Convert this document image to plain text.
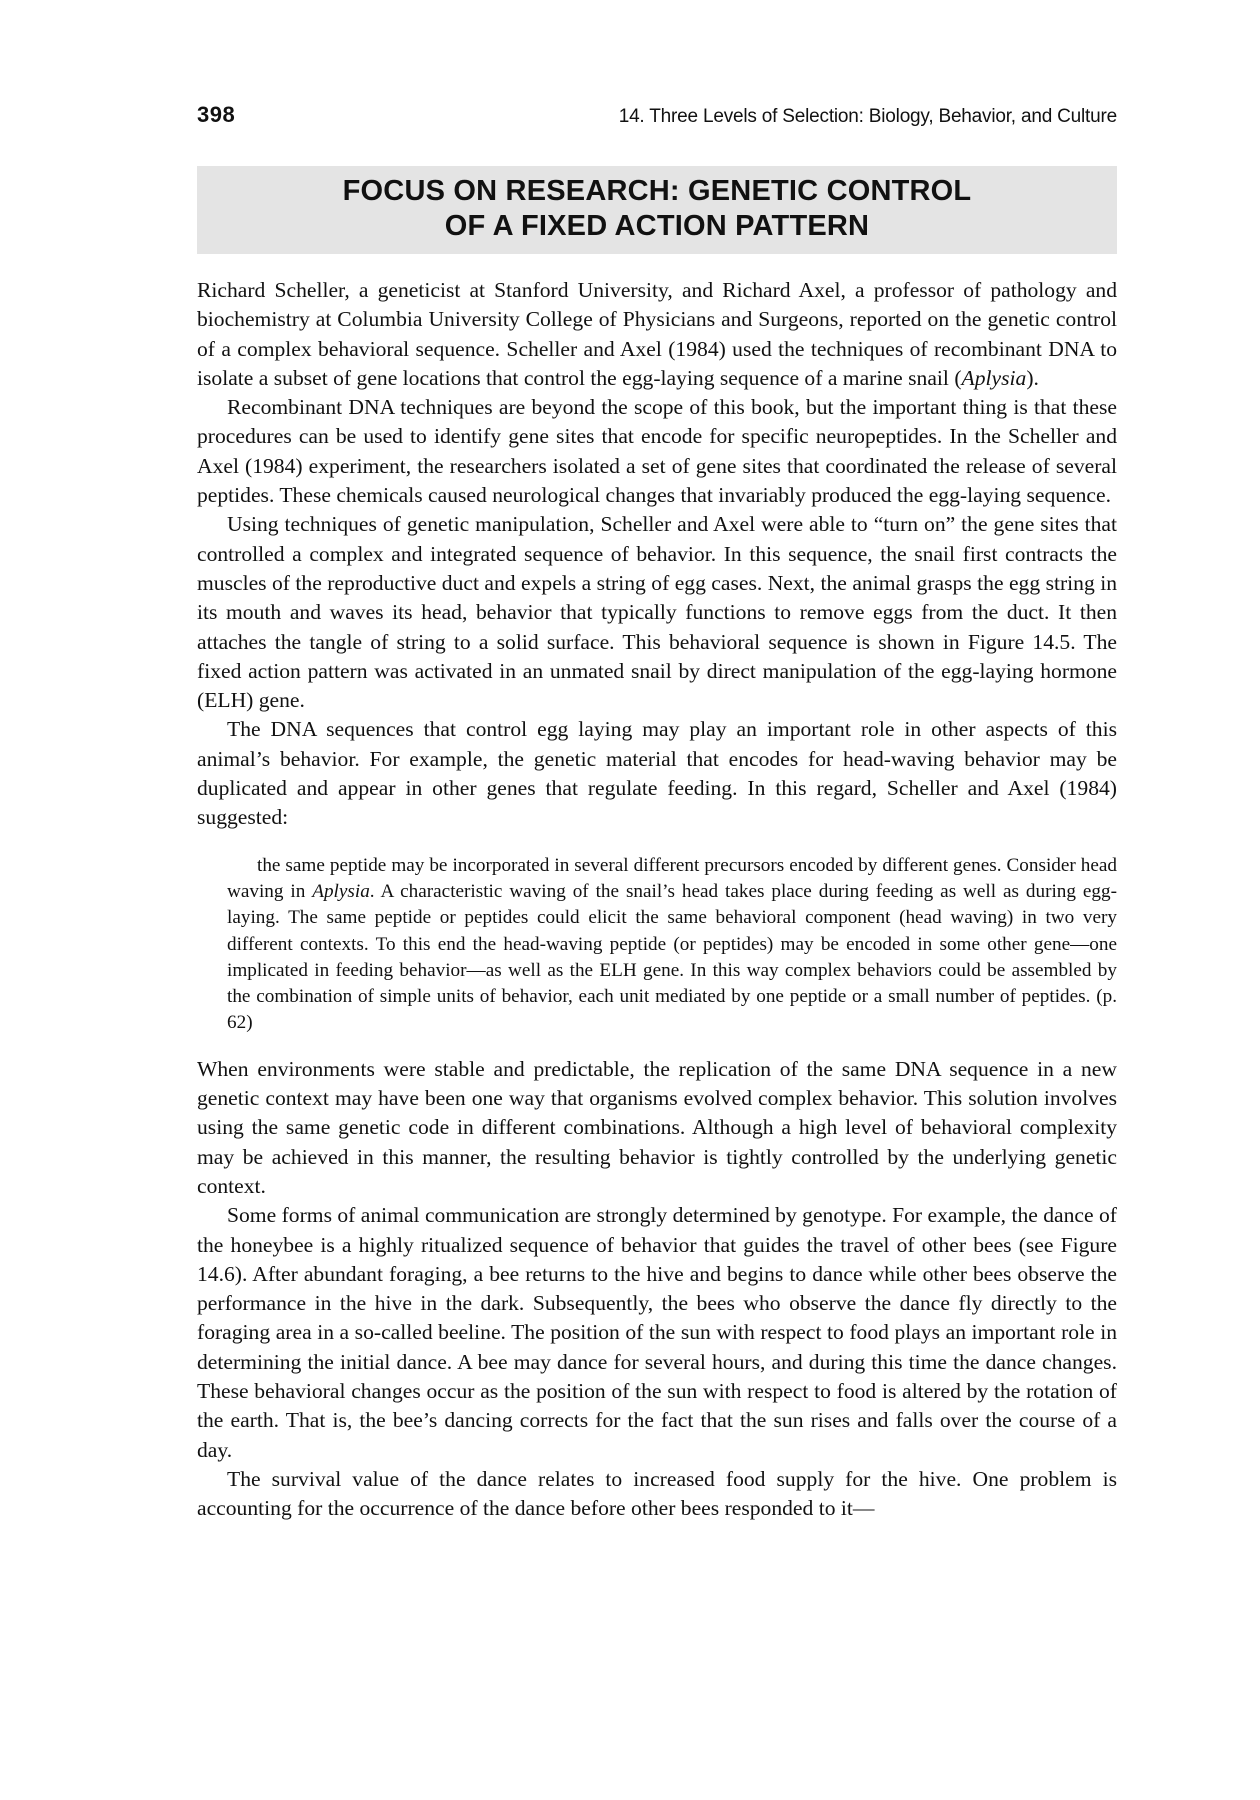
398	14. Three Levels of Selection: Biology, Behavior, and Culture
FOCUS ON RESEARCH: GENETIC CONTROL
OF A FIXED ACTION PATTERN

Richard Scheller, a geneticist at Stanford University, and Richard Axel, a professor of pathology and biochemistry at Columbia University College of Physicians and Surgeons, reported on the genetic control of a complex behavioral sequence. Scheller and Axel (1984) used the techniques of recombinant DNA to isolate a subset of gene locations that control the egg-laying sequence of a marine snail (Aplysia).

Recombinant DNA techniques are beyond the scope of this book, but the important thing is that these procedures can be used to identify gene sites that encode for specific neuropeptides. In the Scheller and Axel (1984) experiment, the researchers isolated a set of gene sites that coordinated the release of several peptides. These chemicals caused neurological changes that invariably produced the egg-laying sequence.

Using techniques of genetic manipulation, Scheller and Axel were able to “turn on” the gene sites that controlled a complex and integrated sequence of behavior. In this sequence, the snail first contracts the muscles of the reproductive duct and expels a string of egg cases. Next, the animal grasps the egg string in its mouth and waves its head, behavior that typically functions to remove eggs from the duct. It then attaches the tangle of string to a solid surface. This behavioral sequence is shown in Figure 14.5. The fixed action pattern was activated in an unmated snail by direct manipulation of the egg-laying hormone (ELH) gene.

The DNA sequences that control egg laying may play an important role in other aspects of this animal’s behavior. For example, the genetic material that encodes for head-waving behavior may be duplicated and appear in other genes that regulate feeding. In this regard, Scheller and Axel (1984) suggested:

the same peptide may be incorporated in several different precursors encoded by different genes. Consider head waving in Aplysia. A characteristic waving of the snail’s head takes place during feeding as well as during egg-laying. The same peptide or peptides could elicit the same behavioral component (head waving) in two very different contexts. To this end the head-waving peptide (or peptides) may be encoded in some other gene—one implicated in feeding behavior—as well as the ELH gene. In this way complex behaviors could be assembled by the combination of simple units of behavior, each unit mediated by one peptide or a small number of peptides. (p. 62)

When environments were stable and predictable, the replication of the same DNA sequence in a new genetic context may have been one way that organisms evolved complex behavior. This solution involves using the same genetic code in different combinations. Although a high level of behavioral complexity may be achieved in this manner, the resulting behavior is tightly controlled by the underlying genetic context.

Some forms of animal communication are strongly determined by genotype. For example, the dance of the honeybee is a highly ritualized sequence of behavior that guides the travel of other bees (see Figure 14.6). After abundant foraging, a bee returns to the hive and begins to dance while other bees observe the performance in the hive in the dark. Subsequently, the bees who observe the dance fly directly to the foraging area in a so-called beeline. The position of the sun with respect to food plays an important role in determining the initial dance. A bee may dance for several hours, and during this time the dance changes. These behavioral changes occur as the position of the sun with respect to food is altered by the rotation of the earth. That is, the bee’s dancing corrects for the fact that the sun rises and falls over the course of a day.

The survival value of the dance relates to increased food supply for the hive. One problem is accounting for the occurrence of the dance before other bees responded to it—
